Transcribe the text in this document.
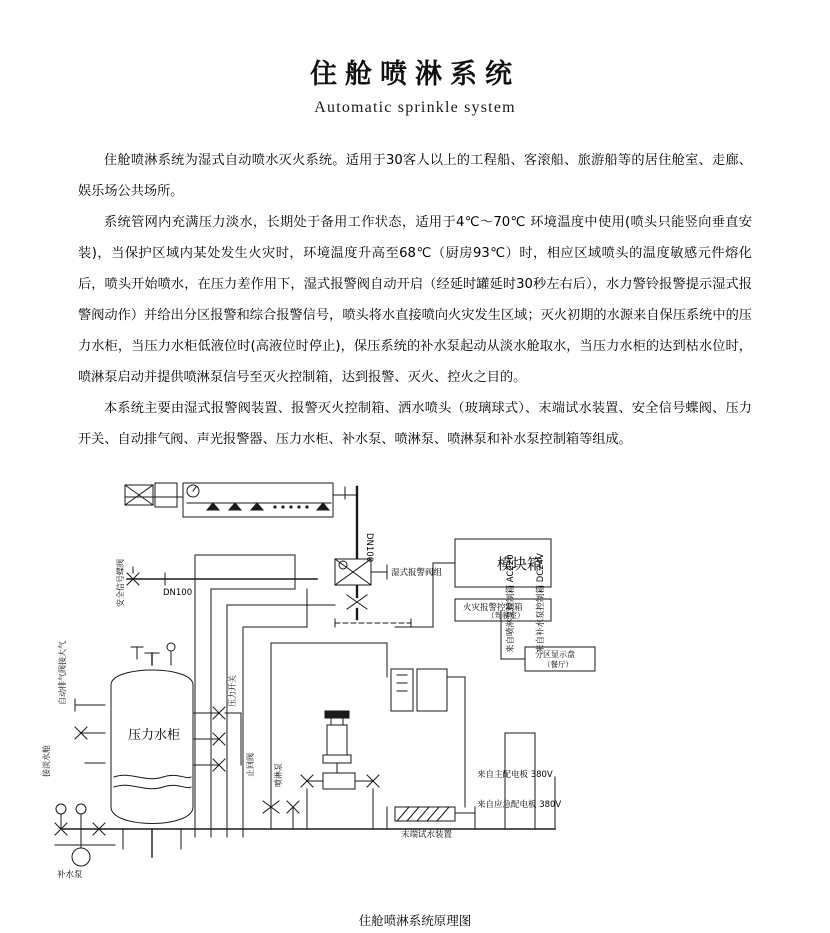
住舱喷淋系统
Automatic sprinkle system

住舱喷淋系统为湿式自动喷水灭火系统。适用于30客人以上的工程船、客滚船、旅游船等的居住舱室、走廊、娱乐场公共场所。

系统管网内充满压力淡水，长期处于备用工作状态，适用于4℃～70℃ 环境温度中使用(喷头只能竖向垂直安装)，当保护区域内某处发生火灾时，环境温度升高至68℃（厨房93℃）时，相应区域喷头的温度敏感元件熔化后，喷头开始喷水，在压力差作用下，湿式报警阀自动开启（经延时罐延时30秒左右后），水力警铃报警提示湿式报警阀动作）并给出分区报警和综合报警信号，喷头将水直接喷向火灾发生区域；灭火初期的水源来自保压系统中的压力水柜，当压力水柜低液位时(高液位时停止)，保压系统的补水泵起动从淡水舱取水，当压力水柜的达到枯水位时，喷淋泵启动并提供喷淋泵信号至灭火控制箱，达到报警、灭火、控火之目的。

本系统主要由湿式报警阀装置、报警灭火控制箱、洒水喷头（玻璃球式）、末端试水装置、安全信号蝶阀、压力开关、自动排气阀、声光报警器、压力水柜、补水泵、喷淋泵、喷淋泵和补水泵控制箱等组成。

模块箱
火灾报警控制箱
（驾驶室）
分区显示盘
（餐厅）
湿式报警阀组
压力水柜
末端试水装置
补水泵
DN100
来自主配电板 380V
来自应急配电板 380V
DN100
来自喷淋泵控制箱 AC220 来自补水泵控制箱 DC24V
安全信号蝶阀
自动排气阀接大气
喷淋泵
止回阀
压力开关
接淡水舱
住舱喷淋系统原理图
